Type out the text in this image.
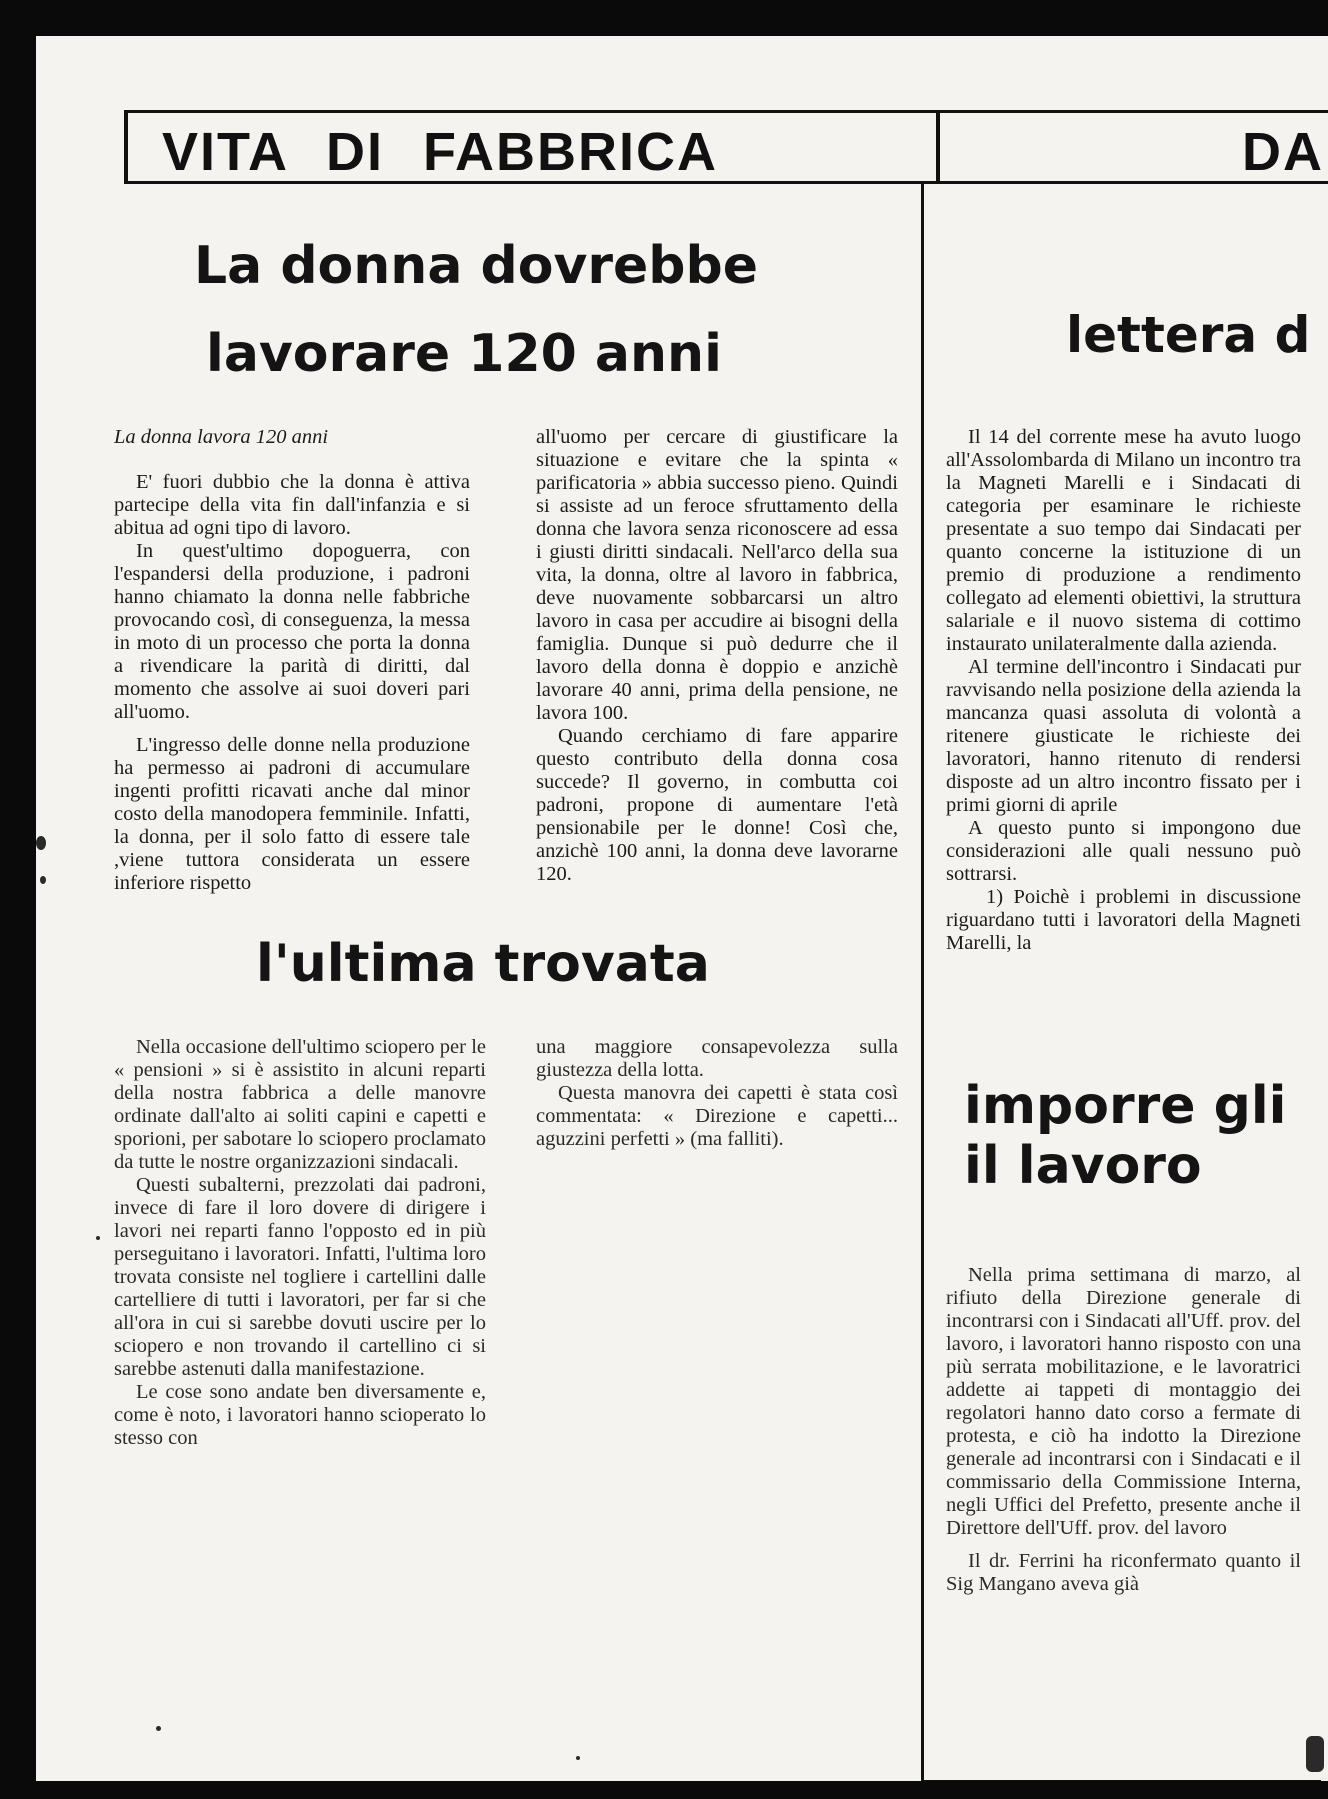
VITA DI FABBRICA	DA
La donna dovrebbe
lavorare 120 anni

La donna lavora 120 anni

E' fuori dubbio che la donna è attiva partecipe della vita fin dall'infanzia e si abitua ad ogni tipo di lavoro.

In quest'ultimo dopoguerra, con l'espandersi della produzione, i padroni hanno chiamato la donna nelle fabbriche provocando così, di conseguenza, la messa in moto di un processo che porta la donna a rivendicare la parità di diritti, dal momento che assolve ai suoi doveri pari all'uomo.

L'ingresso delle donne nella produzione ha permesso ai padroni di accumulare ingenti profitti ricavati anche dal minor costo della manodopera femminile. Infatti, la donna, per il solo fatto di essere tale ,viene tuttora considerata un essere inferiore rispetto

all'uomo per cercare di giustificare la situazione e evitare che la spinta « parificatoria » abbia successo pieno. Quindi si assiste ad un feroce sfruttamento della donna che lavora senza riconoscere ad essa i giusti diritti sindacali. Nell'arco della sua vita, la donna, oltre al lavoro in fabbrica, deve nuovamente sobbarcarsi un altro lavoro in casa per accudire ai bisogni della famiglia. Dunque si può dedurre che il lavoro della donna è doppio e anzichè lavorare 40 anni, prima della pensione, ne lavora 100.

Quando cerchiamo di fare apparire questo contributo della donna cosa succede? Il governo, in combutta coi padroni, propone di aumentare l'età pensionabile per le donne! Così che, anzichè 100 anni, la donna deve lavorarne 120.

l'ultima trovata

Nella occasione dell'ultimo sciopero per le « pensioni » si è assistito in alcuni reparti della nostra fabbrica a delle manovre ordinate dall'alto ai soliti capini e capetti e sporioni, per sabotare lo sciopero proclamato da tutte le nostre organizzazioni sindacali.

Questi subalterni, prezzolati dai padroni, invece di fare il loro dovere di dirigere i lavori nei reparti fanno l'opposto ed in più perseguitano i lavoratori. Infatti, l'ultima loro trovata consiste nel togliere i cartellini dalle cartelliere di tutti i lavoratori, per far si che all'ora in cui si sarebbe dovuti uscire per lo sciopero e non trovando il cartellino ci si sarebbe astenuti dalla manifestazione.

Le cose sono andate ben diversamente e, come è noto, i lavoratori hanno scioperato lo stesso con

una maggiore consapevolezza sulla giustezza della lotta.

Questa manovra dei capetti è stata così commentata: « Direzione e capetti... aguzzini perfetti » (ma falliti).

lettera d

Il 14 del corrente mese ha avuto luogo all'Assolombarda di Milano un incontro tra la Magneti Marelli e i Sindacati di categoria per esaminare le richieste presentate a suo tempo dai Sindacati per quanto concerne la istituzione di un premio di produzione a rendimento collegato ad elementi obiettivi, la struttura salariale e il nuovo sistema di cottimo instaurato unilateralmente dalla azienda.

Al termine dell'incontro i Sindacati pur ravvisando nella posizione della azienda la mancanza quasi assoluta di volontà a ritenere giusticate le richieste dei lavoratori, hanno ritenuto di rendersi disposte ad un altro incontro fissato per i primi giorni di aprile

A questo punto si impongono due considerazioni alle quali nessuno può sottrarsi.

1) Poichè i problemi in discussione riguardano tutti i lavoratori della Magneti Marelli, la

imporre gli
il lavoro

Nella prima settimana di marzo, al rifiuto della Direzione generale di incontrarsi con i Sindacati all'Uff. prov. del lavoro, i lavoratori hanno risposto con una più serrata mobilitazione, e le lavoratrici addette ai tappeti di montaggio dei regolatori hanno dato corso a fermate di protesta, e ciò ha indotto la Direzione generale ad incontrarsi con i Sindacati e il commissario della Commissione Interna, negli Uffici del Prefetto, presente anche il Direttore dell'Uff. prov. del lavoro

Il dr. Ferrini ha riconfermato quanto il Sig Mangano aveva già
